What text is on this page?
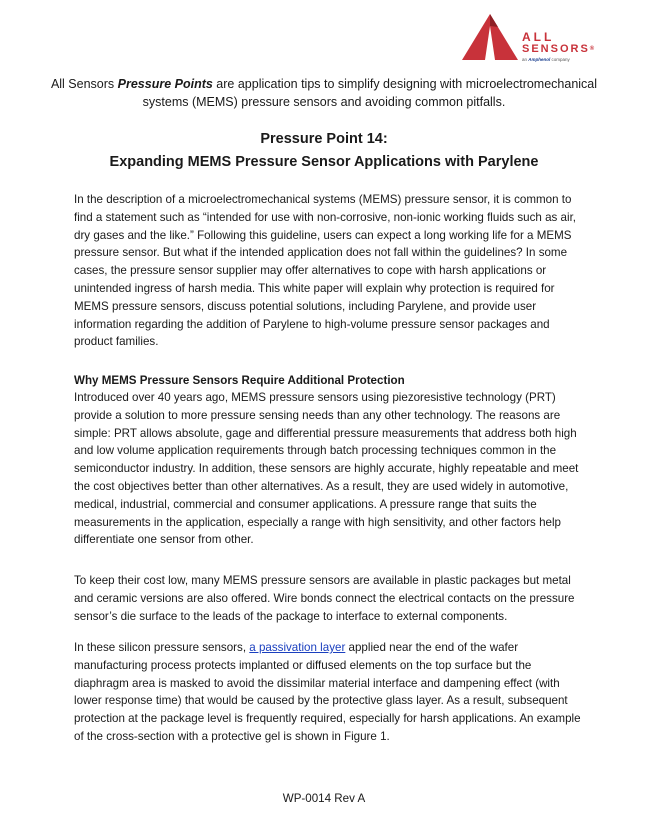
ALL
SENSORS®
an Amphenol company
All Sensors Pressure Points are application tips to simplify designing with microelectromechanical systems (MEMS) pressure sensors and avoiding common pitfalls.
Pressure Point 14:
Expanding MEMS Pressure Sensor Applications with Parylene

In the description of a microelectromechanical systems (MEMS) pressure sensor, it is common to find a statement such as “intended for use with non-corrosive, non-ionic working fluids such as air, dry gases and the like.” Following this guideline, users can expect a long working life for a MEMS pressure sensor. But what if the intended application does not fall within the guidelines? In some cases, the pressure sensor supplier may offer alternatives to cope with harsh applications or unintended ingress of harsh media. This white paper will explain why protection is required for MEMS pressure sensors, discuss potential solutions, including Parylene, and provide user information regarding the addition of Parylene to high-volume pressure sensor packages and product families.

Why MEMS Pressure Sensors Require Additional Protection

Introduced over 40 years ago, MEMS pressure sensors using piezoresistive technology (PRT) provide a solution to more pressure sensing needs than any other technology. The reasons are simple: PRT allows absolute, gage and differential pressure measurements that address both high and low volume application requirements through batch processing techniques common in the semiconductor industry. In addition, these sensors are highly accurate, highly repeatable and meet the cost objectives better than other alternatives. As a result, they are used widely in automotive, medical, industrial, commercial and consumer applications. A pressure range that suits the measurements in the application, especially a range with high sensitivity, and other factors help differentiate one sensor from other.

To keep their cost low, many MEMS pressure sensors are available in plastic packages but metal and ceramic versions are also offered. Wire bonds connect the electrical contacts on the pressure sensor’s die surface to the leads of the package to interface to external components.

In these silicon pressure sensors, a passivation layer applied near the end of the wafer manufacturing process protects implanted or diffused elements on the top surface but the diaphragm area is masked to avoid the dissimilar material interface and dampening effect (with lower response time) that would be caused by the protective glass layer. As a result, subsequent protection at the package level is frequently required, especially for harsh applications. An example of the cross-section with a protective gel is shown in Figure 1.

WP-0014 Rev A
